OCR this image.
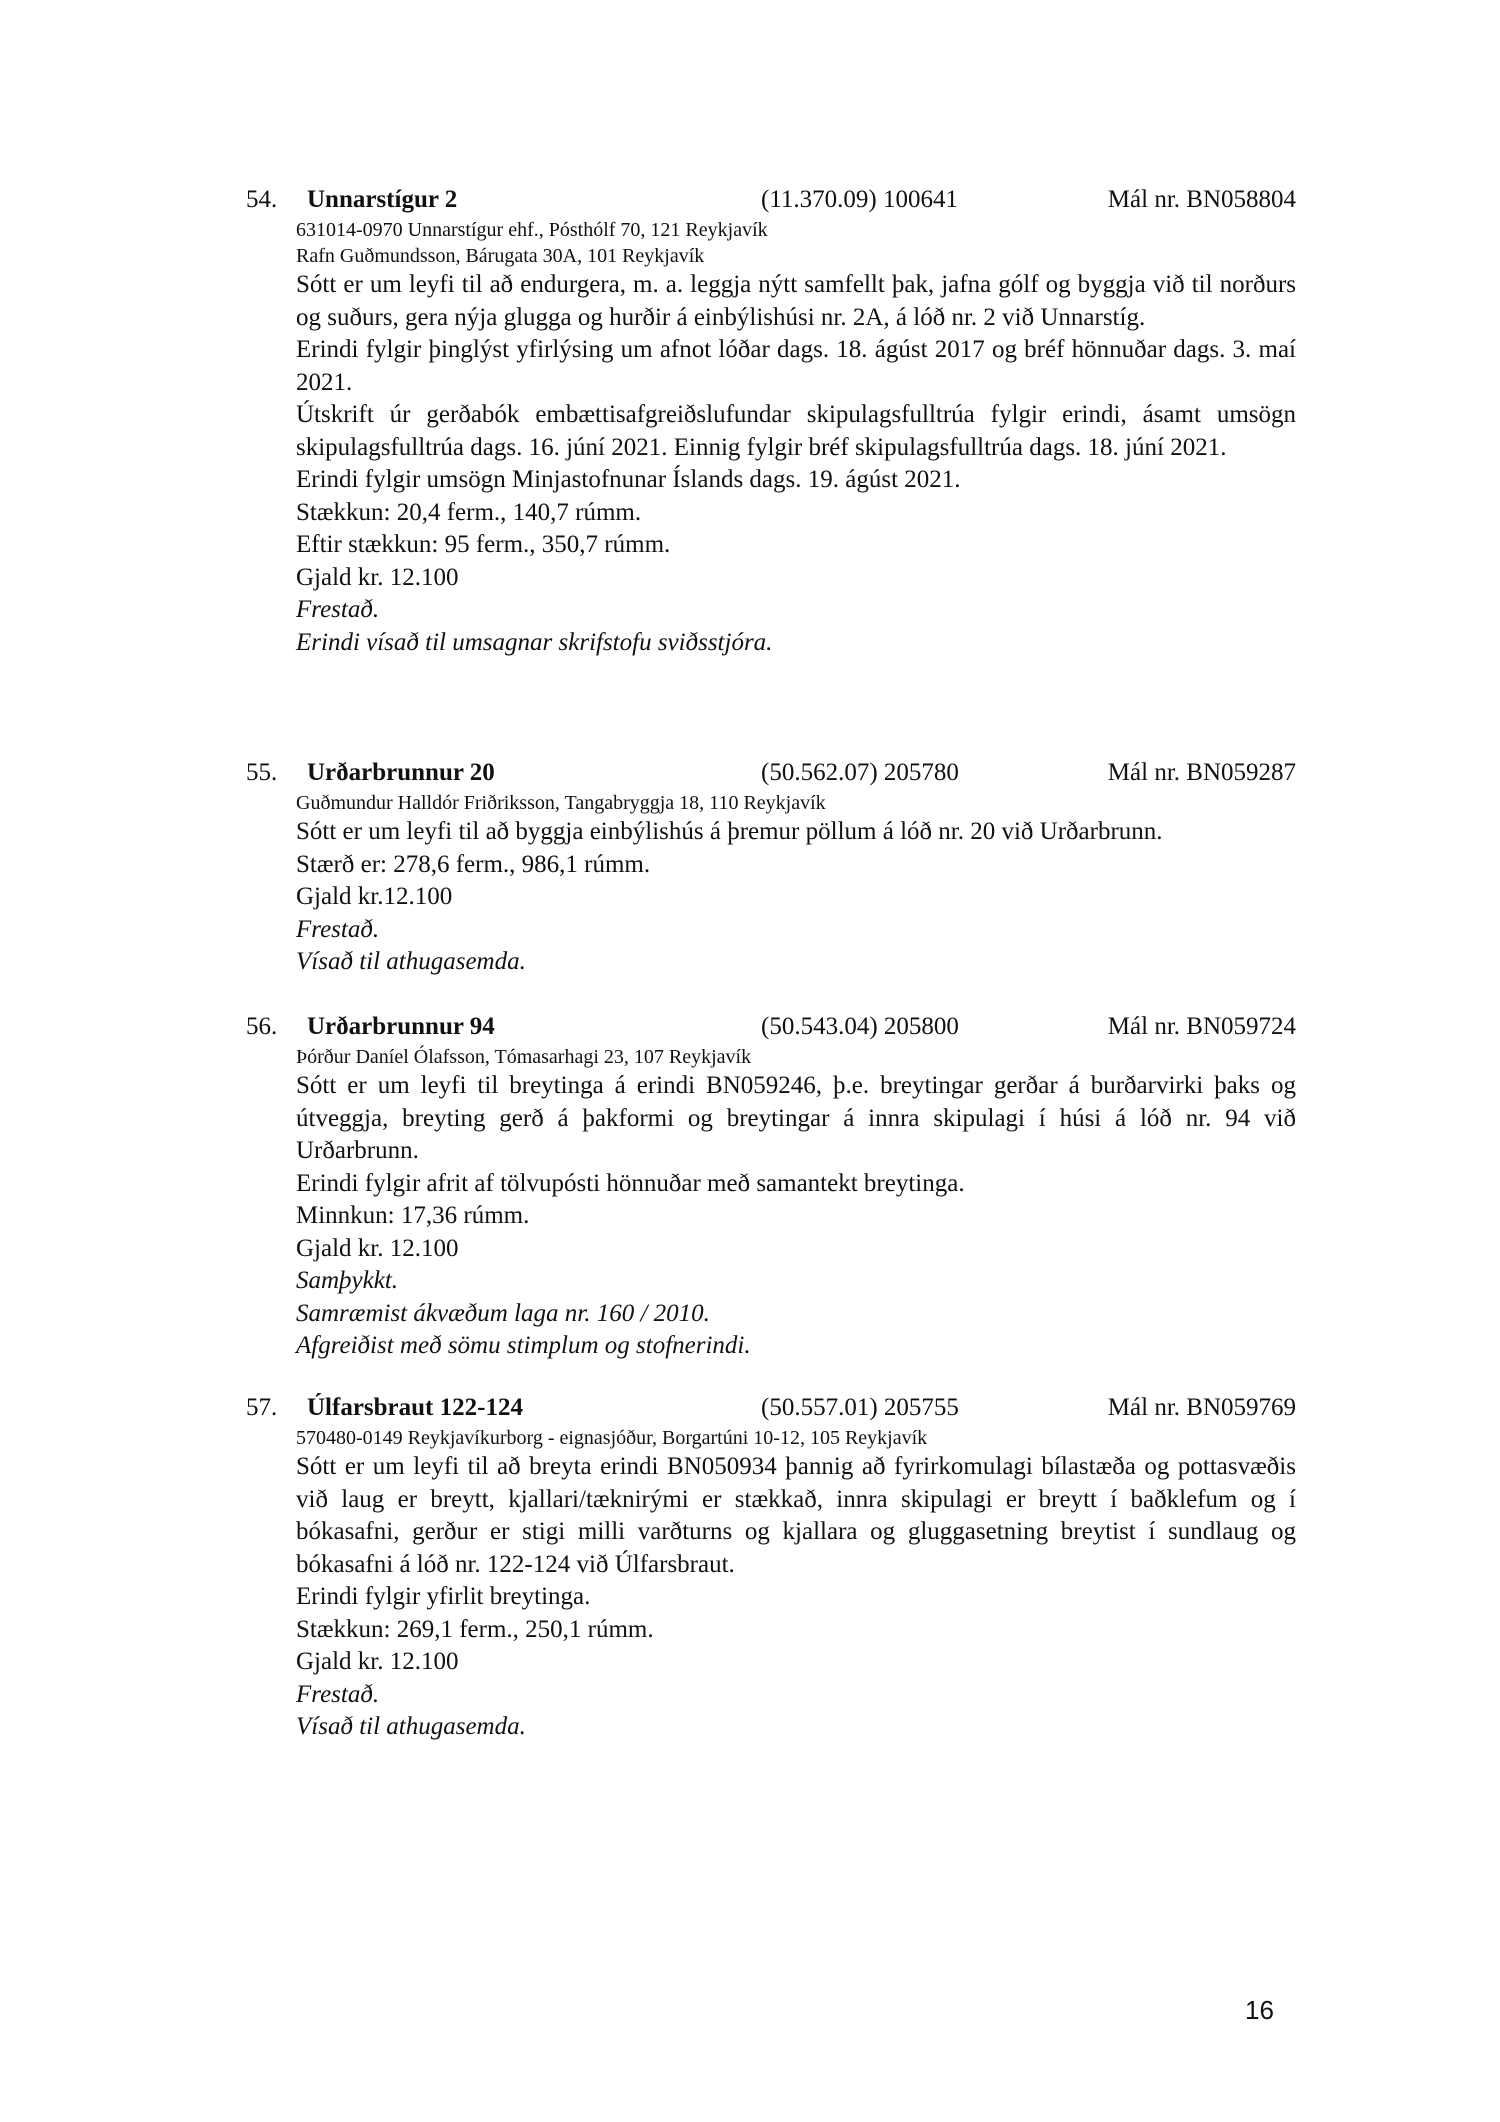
54. Unnarstígur 2	(11.370.09) 100641	Mál nr. BN058804
631014-0970 Unnarstígur ehf., Pósthólf 70, 121 Reykjavík
Rafn Guðmundsson, Bárugata 30A, 101 Reykjavík
Sótt er um leyfi til að endurgera, m. a. leggja nýtt samfellt þak, jafna gólf og byggja við til norðurs og suðurs, gera nýja glugga og hurðir á einbýlishúsi nr. 2A, á lóð nr. 2 við Unnarstíg.
Erindi fylgir þinglýst yfirlýsing um afnot lóðar dags. 18. ágúst 2017 og bréf hönnuðar dags. 3. maí 2021.
Útskrift úr gerðabók embættisafgreiðslufundar skipulagsfulltrúa fylgir erindi, ásamt umsögn skipulagsfulltrúa dags. 16. júní 2021. Einnig fylgir bréf skipulagsfulltrúa dags. 18. júní 2021.
Erindi fylgir umsögn Minjastofnunar Íslands dags. 19. ágúst 2021.
Stækkun: 20,4 ferm., 140,7 rúmm.
Eftir stækkun: 95 ferm., 350,7 rúmm.
Gjald kr. 12.100
Frestað.
Erindi vísað til umsagnar skrifstofu sviðsstjóra.
55. Urðarbrunnur 20	(50.562.07) 205780	Mál nr. BN059287
Guðmundur Halldór Friðriksson, Tangabryggja 18, 110 Reykjavík
Sótt er um leyfi til að byggja einbýlishús á þremur pöllum á lóð nr. 20 við Urðarbrunn.
Stærð er: 278,6 ferm., 986,1 rúmm.
Gjald kr.12.100
Frestað.
Vísað til athugasemda.
56. Urðarbrunnur 94	(50.543.04) 205800	Mál nr. BN059724
Þórður Daníel Ólafsson, Tómasarhagi 23, 107 Reykjavík
Sótt er um leyfi til breytinga á erindi BN059246, þ.e. breytingar gerðar á burðarvirki þaks og útveggja, breyting gerð á þakformi og breytingar á innra skipulagi í húsi á lóð nr. 94 við Urðarbrunn.
Erindi fylgir afrit af tölvupósti hönnuðar með samantekt breytinga.
Minnkun: 17,36 rúmm.
Gjald kr. 12.100
Samþykkt.
Samræmist ákvæðum laga nr. 160 / 2010.
Afgreiðist með sömu stimplum og stofnerindi.
57. Úlfarsbraut 122-124	(50.557.01) 205755	Mál nr. BN059769
570480-0149 Reykjavíkurborg - eignasjóður, Borgartúni 10-12, 105 Reykjavík
Sótt er um leyfi til að breyta erindi BN050934 þannig að fyrirkomulagi bílastæða og pottasvæðis við laug er breytt, kjallari/tæknirými er stækkað, innra skipulagi er breytt í baðklefum og í bókasafni, gerður er stigi milli varðturns og kjallara og gluggasetning breytist í sundlaug og bókasafni á lóð nr. 122-124 við Úlfarsbraut.
Erindi fylgir yfirlit breytinga.
Stækkun: 269,1 ferm., 250,1 rúmm.
Gjald kr. 12.100
Frestað.
Vísað til athugasemda.
16
